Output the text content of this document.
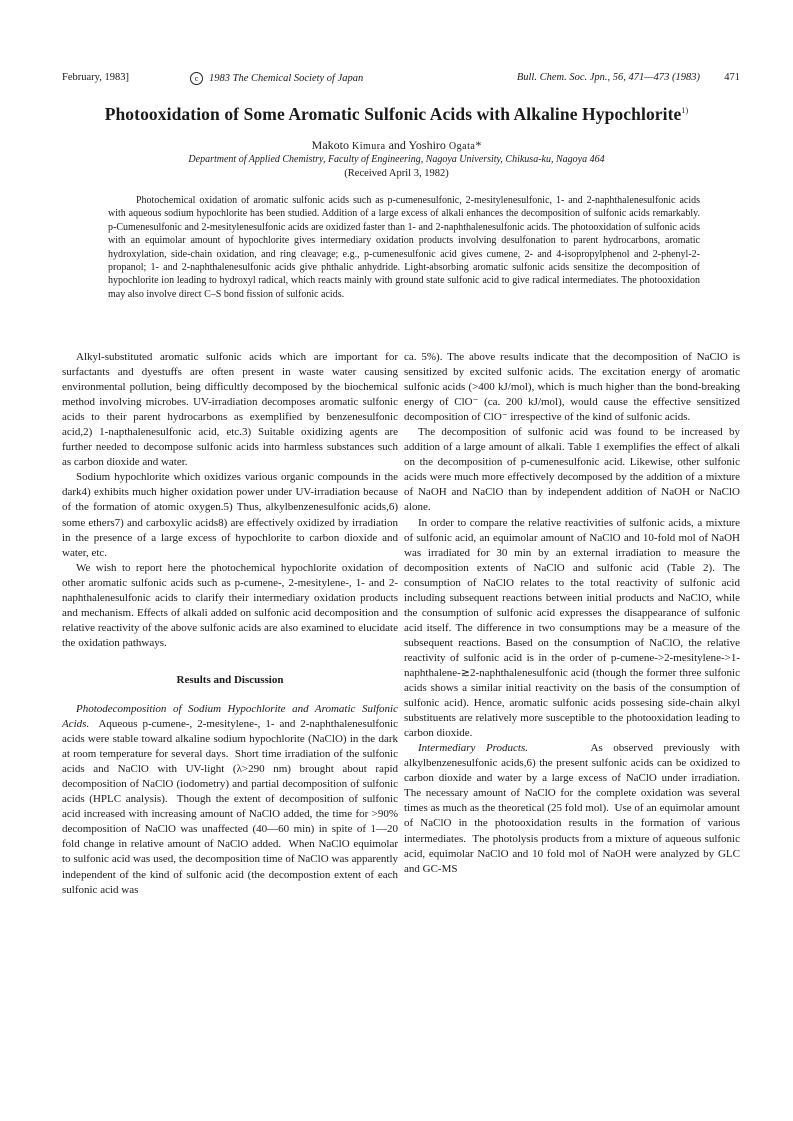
February, 1983]	c 1983 The Chemical Society of Japan	Bull. Chem. Soc. Jpn., 56, 471—473 (1983) 471
Photooxidation of Some Aromatic Sulfonic Acids with Alkaline Hypochlorite$^{1)}$
Makoto Kimura and Yoshiro Ogata*
Department of Applied Chemistry, Faculty of Engineering, Nagoya University, Chikusa-ku, Nagoya 464
(Received April 3, 1982)

Photochemical oxidation of aromatic sulfonic acids such as p-cumenesulfonic, 2-mesitylenesulfonic, 1- and 2-naphthalenesulfonic acids with aqueous sodium hypochlorite has been studied. Addition of a large excess of alkali enhances the decomposition of sulfonic acids remarkably. p-Cumenesulfonic and 2-mesitylenesulfonic acids are oxidized faster than 1- and 2-naphthalenesulfonic acids. The photooxidation of sulfonic acids with an equimolar amount of hypochlorite gives intermediary oxidation products involving desulfonation to parent hydrocarbons, aromatic hydroxylation, side-chain oxidation, and ring cleavage; e.g., p-cumenesulfonic acid gives cumene, 2- and 4-isopropylphenol and 2-phenyl-2-propanol; 1- and 2-naphthalenesulfonic acids give phthalic anhydride. Light-absorbing aromatic sulfonic acids sensitize the decomposition of hypochlorite ion leading to hydroxyl radical, which reacts mainly with ground state sulfonic acid to give radical intermediates. The photooxidation may also involve direct C–S bond fission of sulfonic acids.

Alkyl-substituted aromatic sulfonic acids which are important for surfactants and dyestuffs are often present in waste water causing environmental pollution, being difficultly decomposed by the biochemical method involving microbes. UV-irradiation decomposes aromatic sulfonic acids to their parent hydrocarbons as exemplified by benzenesulfonic acid,2) 1-napthalenesulfonic acid, etc.3) Suitable oxidizing agents are further needed to decompose sulfonic acids into harmless substances such as carbon dioxide and water.

Sodium hypochlorite which oxidizes various organic compounds in the dark4) exhibits much higher oxidation power under UV-irradiation because of the formation of atomic oxygen.5) Thus, alkylbenzenesulfonic acids,6) some ethers7) and carboxylic acids8) are effectively oxidized by irradiation in the presence of a large excess of hypochlorite to carbon dioxide and water, etc.

We wish to report here the photochemical hypochlorite oxidation of other aromatic sulfonic acids such as p-cumene-, 2-mesitylene-, 1- and 2-naphthalenesulfonic acids to clarify their intermediary oxidation products and mechanism. Effects of alkali added on sulfonic acid decomposition and relative reactivity of the above sulfonic acids are also examined to elucidate the oxidation pathways.

Results and Discussion

Photodecomposition of Sodium Hypochlorite and Aromatic Sulfonic Acids.  Aqueous p-cumene-, 2-mesitylene-, 1- and 2-naphthalenesulfonic acids were stable toward alkaline sodium hypochlorite (NaClO) in the dark at room temperature for several days.  Short time irradiation of the sulfonic acids and NaClO with UV-light (λ>290 nm) brought about rapid decomposition of NaClO (iodometry) and partial decomposition of sulfonic acids (HPLC analysis).  Though the extent of decomposition of sulfonic acid increased with increasing amount of NaClO added, the time for >90% decomposition of NaClO was unaffected (40—60 min) in spite of 1—20 fold change in relative amount of NaClO added.  When NaClO equimolar to sulfonic acid was used, the decomposition time of NaClO was apparently independent of the kind of sulfonic acid (the decompostion extent of each sulfonic acid was

ca. 5%). The above results indicate that the decomposition of NaClO is sensitized by excited sulfonic acids. The excitation energy of aromatic sulfonic acids (>400 kJ/mol), which is much higher than the bond-breaking energy of ClO⁻ (ca. 200 kJ/mol), would cause the effective sensitized decomposition of ClO⁻ irrespective of the kind of sulfonic acids.

The decomposition of sulfonic acid was found to be increased by addition of a large amount of alkali. Table 1 exemplifies the effect of alkali on the decomposition of p-cumenesulfonic acid. Likewise, other sulfonic acids were much more effectively decomposed by the addition of a mixture of NaOH and NaClO than by independent addition of NaOH or NaClO alone.

In order to compare the relative reactivities of sulfonic acids, a mixture of sulfonic acid, an equimolar amount of NaClO and 10-fold mol of NaOH was irradiated for 30 min by an external irradiation to measure the decomposition extents of NaClO and sulfonic acid (Table 2). The consumption of NaClO relates to the total reactivity of sulfonic acid including subsequent reactions between initial products and NaClO, while the consumption of sulfonic acid expresses the disappearance of sulfonic acid itself. The difference in two consumptions may be a measure of the subsequent reactions. Based on the consumption of NaClO, the relative reactivity of sulfonic acid is in the order of p-cumene->2-mesitylene->1-naphthalene-≳2-naphthalenesulfonic acid (though the former three sulfonic acids shows a similar initial reactivity on the basis of the consumption of sulfonic acid). Hence, aromatic sulfonic acids possesing side-chain alkyl substituents are relatively more susceptible to the photooxidation leading to carbon dioxide.

Intermediary Products.      As observed previously with alkylbenzenesulfonic acids,6) the present sulfonic acids can be oxidized to carbon dioxide and water by a large excess of NaClO under irradiation.  The necessary amount of NaClO for the complete oxidation was several times as much as the theoretical (25 fold mol).  Use of an equimolar amount of NaClO in the photooxidation results in the formation of various intermediates.  The photolysis products from a mixture of aqueous sulfonic acid, equimolar NaClO and 10 fold mol of NaOH were analyzed by GLC and GC-MS
